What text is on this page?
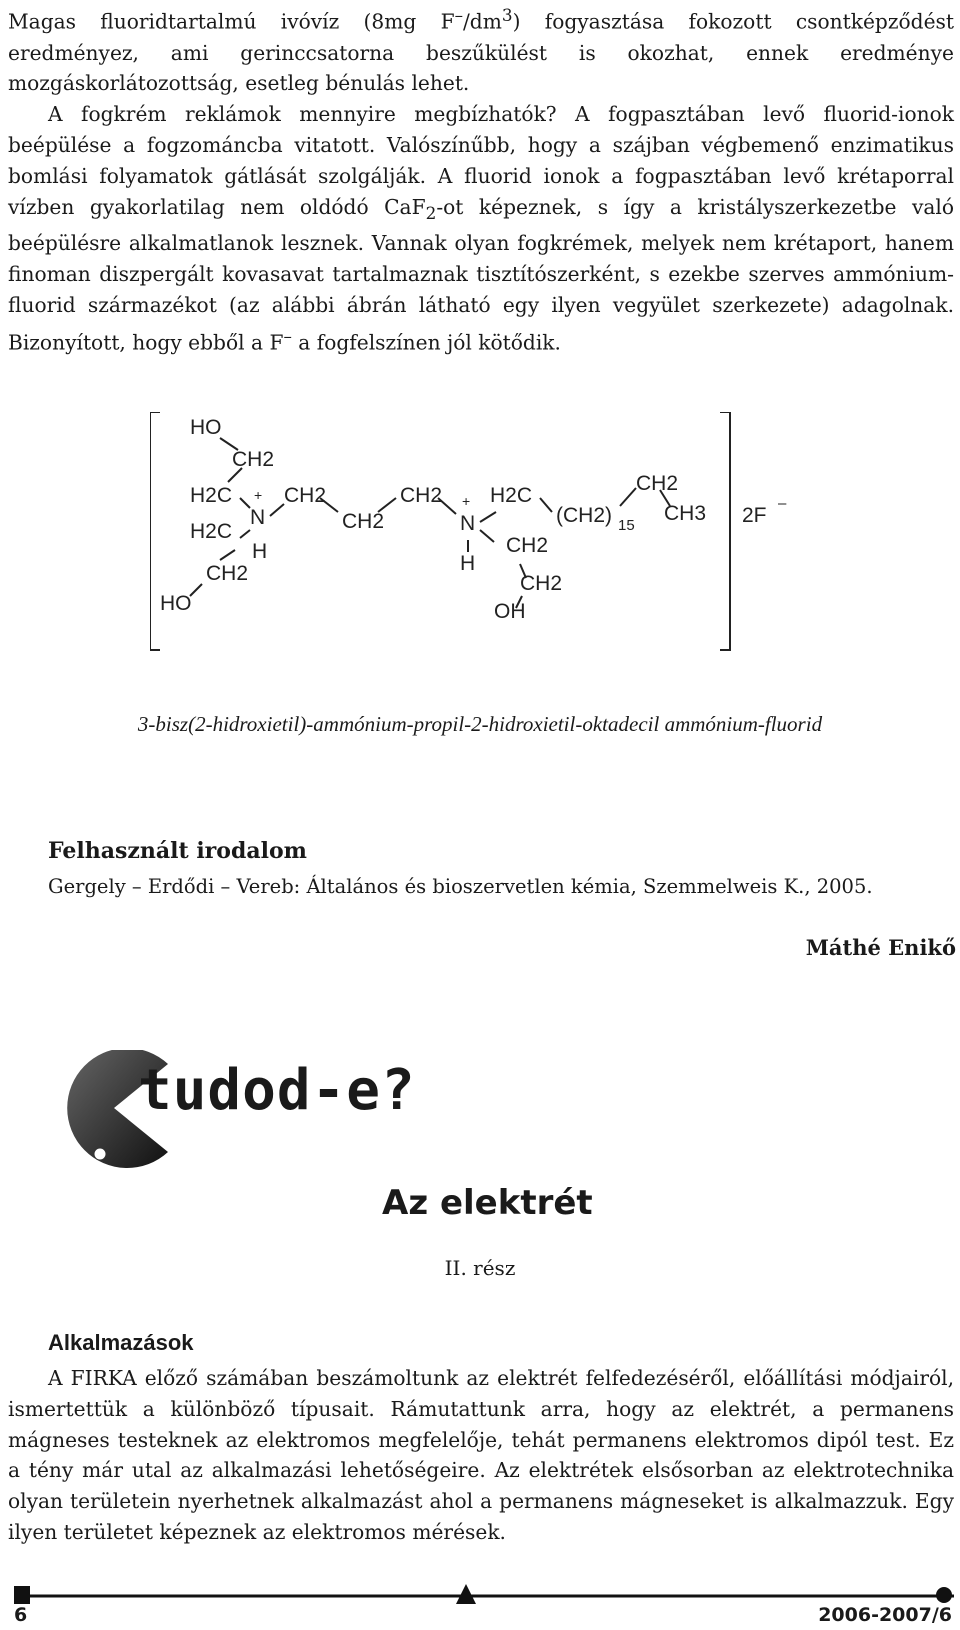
Magas fluoridtartalmú ivóvíz (8mg $F^-/dm^3$) fogyasztása fokozott csontképződést eredményez, ami gerinccsatorna beszűkülést is okozhat, ennek eredménye mozgáskorlátozottság, esetleg bénulás lehet.

A fogkrém reklámok mennyire megbízhatók? A fogpasztában levő fluorid-ionok beépülése a fogzománcba vitatott. Valószínűbb, hogy a szájban végbemenő enzimatikus bomlási folyamatok gátlását szolgálják. A fluorid ionok a fogpasztában levő krétaporral vízben gyakorlatilag nem oldódó CaF$_2$-ot képeznek, s így a kristályszerkezetbe való beépülésre alkalmatlanok lesznek. Vannak olyan fogkrémek, melyek nem krétaport, hanem finoman diszpergált kovasavat tartalmaznak tisztítószerként, s ezekbe szerves ammónium-fluorid származékot (az alábbi ábrán látható egy ilyen vegyület szerkezete) adagolnak. Bizonyított, hogy ebből a F– a fogfelszínen jól kötődik.

HO
CH2
H2C
H2C
CH2
HO
N
+
H
CH2
CH2
CH2
N
+
H
H2C
CH2
CH2
OH
(CH2) 15
CH2
CH3 2F
–
3-bisz(2-hidroxietil)-ammónium-propil-2-hidroxietil-oktadecil ammónium-fluorid
Felhasznált irodalom
Gergely – Erdődi – Vereb: Általános és bioszervetlen kémia, Szemmelweis K., 2005.
Máthé Enikő
tudod-e?
Az elektrét
II. rész
Alkalmazások

A FIRKA előző számában beszámoltunk az elektrét felfedezéséről, előállítási módjairól, ismertettük a különböző típusait. Rámutattunk arra, hogy az elektrét, a permanens mágneses testeknek az elektromos megfelelője, tehát permanens elektromos dipól test. Ez a tény már utal az alkalmazási lehetőségeire. Az elektrétek elsősorban az elektrotechnika olyan területein nyerhetnek alkalmazást ahol a permanens mágneseket is alkalmazzuk. Egy ilyen területet képeznek az elektromos mérések.

6	2006-2007/6
